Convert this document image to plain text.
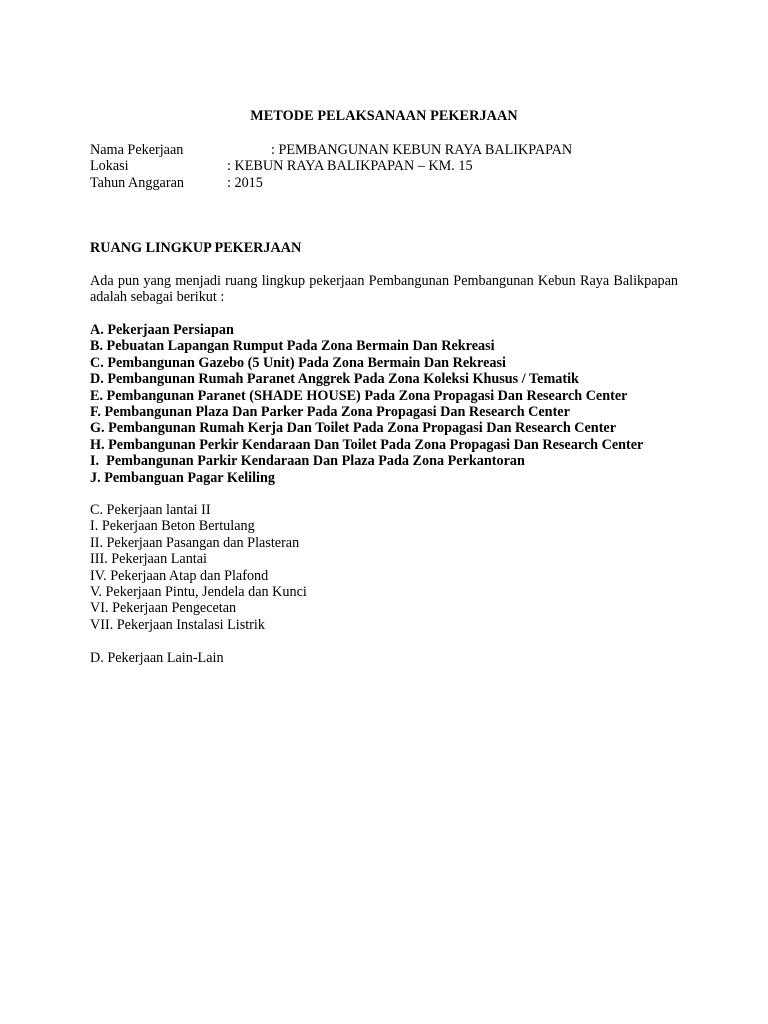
METODE PELAKSANAAN PEKERJAAN
Nama Pekerjaan	: PEMBANGUNAN KEBUN RAYA BALIKPAPAN
Lokasi	: KEBUN RAYA BALIKPAPAN – KM. 15
Tahun Anggaran	: 2015
RUANG LINGKUP PEKERJAAN
Ada pun yang menjadi ruang lingkup pekerjaan Pembangunan Pembangunan Kebun Raya Balikpapan
adalah sebagai berikut :
A. Pekerjaan Persiapan
B. Pebuatan Lapangan Rumput Pada Zona Bermain Dan Rekreasi
C. Pembangunan Gazebo (5 Unit) Pada Zona Bermain Dan Rekreasi
D. Pembangunan Rumah Paranet Anggrek Pada Zona Koleksi Khusus / Tematik
E. Pembangunan Paranet (SHADE HOUSE) Pada Zona Propagasi Dan Research Center
F. Pembangunan Plaza Dan Parker Pada Zona Propagasi Dan Research Center
G. Pembangunan Rumah Kerja Dan Toilet Pada Zona Propagasi Dan Research Center
H. Pembangunan Perkir Kendaraan Dan Toilet Pada Zona Propagasi Dan Research Center
I.  Pembangunan Parkir Kendaraan Dan Plaza Pada Zona Perkantoran
J. Pembanguan Pagar Keliling
C. Pekerjaan lantai II
I. Pekerjaan Beton Bertulang
II. Pekerjaan Pasangan dan Plasteran
III. Pekerjaan Lantai
IV. Pekerjaan Atap dan Plafond
V. Pekerjaan Pintu, Jendela dan Kunci
VI. Pekerjaan Pengecetan
VII. Pekerjaan Instalasi Listrik
D. Pekerjaan Lain-Lain
